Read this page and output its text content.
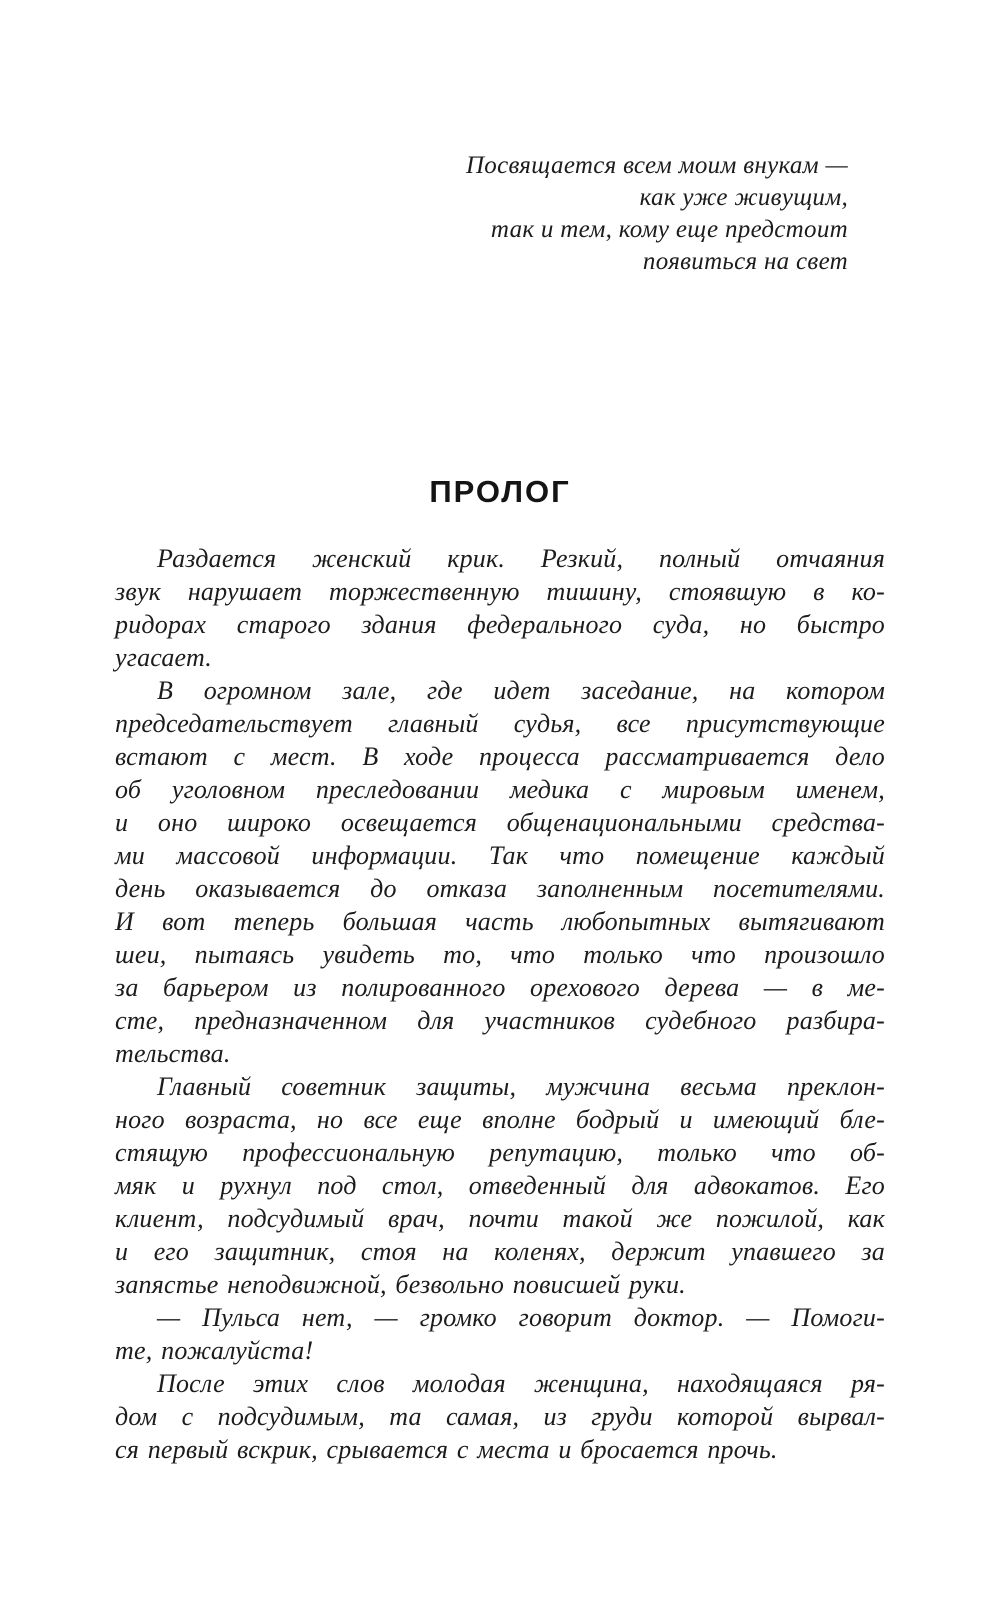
Посвящается всем моим внукам —
как уже живущим,
так и тем, кому еще предстоит
появиться на свет
ПРОЛОГ
Раздается женский крик. Резкий, полный отчаяния
звук нарушает торжественную тишину, стоявшую в ко-
ридорах старого здания федерального суда, но быстро
угасает.
В огромном зале, где идет заседание, на котором
председательствует главный судья, все присутствующие
встают с мест. В ходе процесса рассматривается дело
об уголовном преследовании медика с мировым именем,
и оно широко освещается общенациональными средства-
ми массовой информации. Так что помещение каждый
день оказывается до отказа заполненным посетителями.
И вот теперь большая часть любопытных вытягивают
шеи, пытаясь увидеть то, что только что произошло
за барьером из полированного орехового дерева — в ме-
сте, предназначенном для участников судебного разбира-
тельства.
Главный советник защиты, мужчина весьма преклон-
ного возраста, но все еще вполне бодрый и имеющий бле-
стящую профессиональную репутацию, только что об-
мяк и рухнул под стол, отведенный для адвокатов. Его
клиент, подсудимый врач, почти такой же пожилой, как
и его защитник, стоя на коленях, держит упавшего за
запястье неподвижной, безвольно повисшей руки.
— Пульса нет, — громко говорит доктор. — Помоги-
те, пожалуйста!
После этих слов молодая женщина, находящаяся ря-
дом с подсудимым, та самая, из груди которой вырвал-
ся первый вскрик, срывается с места и бросается прочь.
